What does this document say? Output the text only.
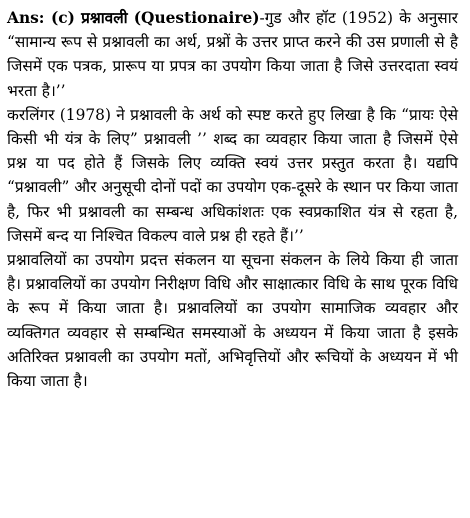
Ans: (c) प्रश्नावली (Questionaire)-गुड और हॉट (1952) के अनुसार “सामान्य रूप से प्रश्नावली का अर्थ, प्रश्नों के उत्तर प्राप्त करने की उस प्रणाली से है जिसमें एक पत्रक, प्रारूप या प्रपत्र का उपयोग किया जाता है जिसे उत्तरदाता स्वयं भरता है।’’

करलिंगर (1978) ने प्रश्नावली के अर्थ को स्पष्ट करते हुए लिखा है कि “प्रायः ऐसे किसी भी यंत्र के लिए” प्रश्नावली ’’ शब्द का व्यवहार किया जाता है जिसमें ऐसे प्रश्न या पद होते हैं जिसके लिए व्यक्ति स्वयं उत्तर प्रस्तुत करता है। यद्यपि “प्रश्नावली” और अनुसूची दोनों पदों का उपयोग एक-दूसरे के स्थान पर किया जाता है, फिर भी प्रश्नावली का सम्बन्ध अधिकांशतः एक स्वप्रकाशित यंत्र से रहता है, जिसमें बन्द या निश्चित विकल्प वाले प्रश्न ही रहते हैं।’’

प्रश्नावलियों का उपयोग प्रदत्त संकलन या सूचना संकलन के लिये किया ही जाता है। प्रश्नावलियों का उपयोग निरीक्षण विधि और साक्षात्कार विधि के साथ पूरक विधि के रूप में किया जाता है। प्रश्नावलियों का उपयोग सामाजिक व्यवहार और व्यक्तिगत व्यवहार से सम्बन्धित समस्याओं के अध्ययन में किया जाता है इसके अतिरिक्त प्रश्नावली का उपयोग मतों, अभिवृत्तियों और रूचियों के अध्ययन में भी किया जाता है।
